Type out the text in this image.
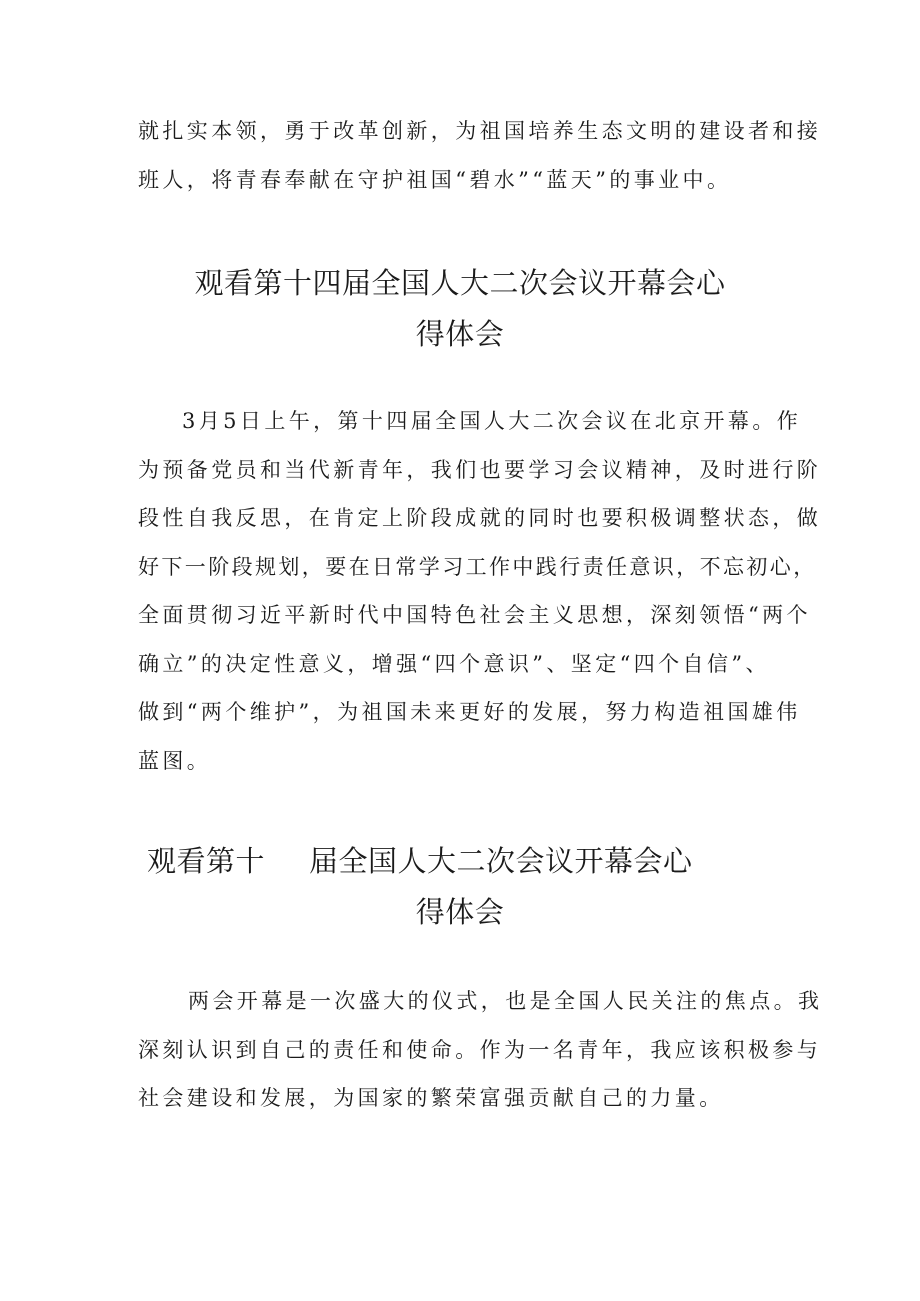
就扎实本领，勇于改革创新，为祖国培养生态文明的建设者和接
班人，将青春奉献在守护祖国“碧水”“蓝天”的事业中。
观看第十四届全国人大二次会议开幕会心
得体会
3月5日上午，第十四届全国人大二次会议在北京开幕。作
为预备党员和当代新青年，我们也要学习会议精神，及时进行阶
段性自我反思，在肯定上阶段成就的同时也要积极调整状态，做
好下一阶段规划，要在日常学习工作中践行责任意识，不忘初心，
全面贯彻习近平新时代中国特色社会主义思想，深刻领悟“两个
确立”的决定性意义，增强“四个意识”、坚定“四个自信”、
做到“两个维护”，为祖国未来更好的发展，努力构造祖国雄伟
蓝图。
观看第十 届全国人大二次会议开幕会心
得体会
两会开幕是一次盛大的仪式，也是全国人民关注的焦点。我
深刻认识到自己的责任和使命。作为一名青年，我应该积极参与
社会建设和发展，为国家的繁荣富强贡献自己的力量。
